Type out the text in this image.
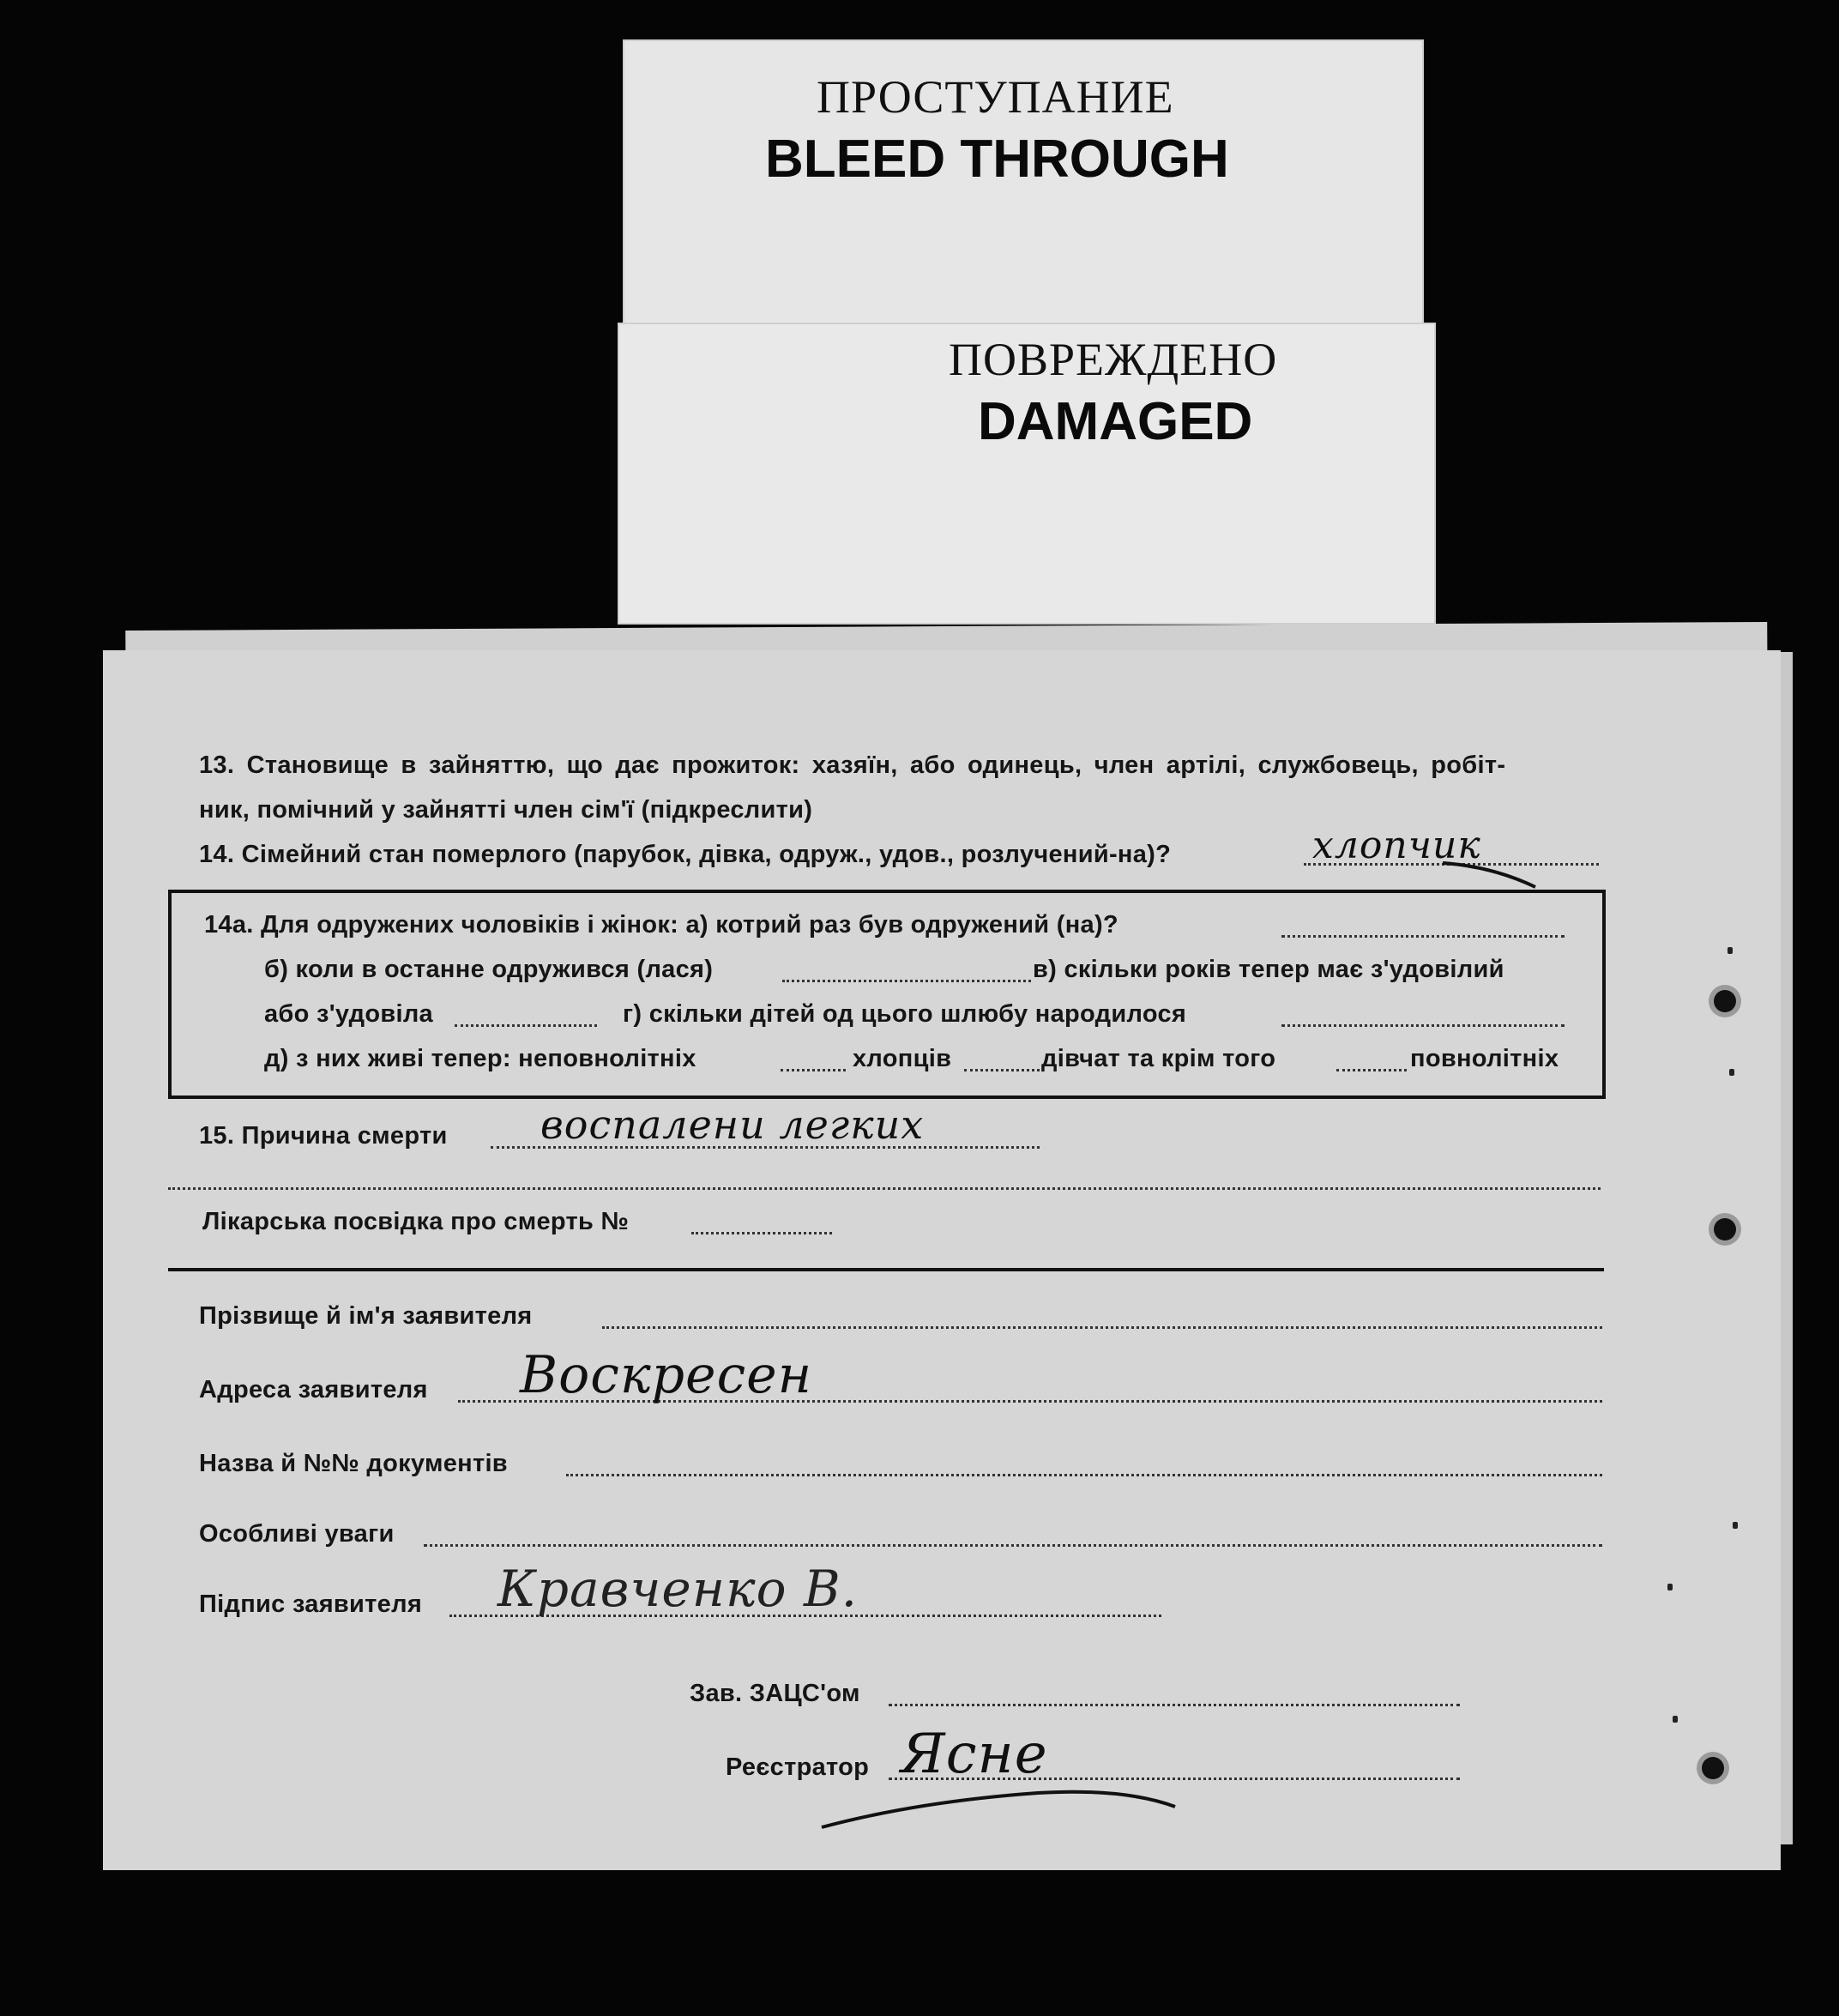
ПРОСТУПАНИЕ
BLEED THROUGH
ПОВРЕЖДЕНО
DAMAGED
13. Становище в зайняттю, що дає прожиток: хазяїн, або одинець, член артілі, службовець, робіт-
ник, помічний у зайнятті член сім'ї (підкреслити)
14. Сімейний стан померлого (парубок, дівка, одруж., удов., розлучений-на)?	хлопчик
14а. Для одружених чоловіків і жінок: а) котрий раз був одружений (на)?
б) коли в останне одружився (лася)	в) скільки років тепер має з'удовілий
або з'удовіла	г) скільки дітей од цього шлюбу народилося
д) з них живі тепер: неповнолітніх	хлопців	дівчат та крім того	повнолітніх
15. Причина смерти воспалени легких
Лікарська посвідка про смерть №
Прізвище й ім'я заявителя
Адреса заявителя Воскресен
Назва й №№ документів
Особливі уваги
Підпис заявителя Кравченко В.
Зав. ЗАЦС'ом
Реєстратор Ясне
